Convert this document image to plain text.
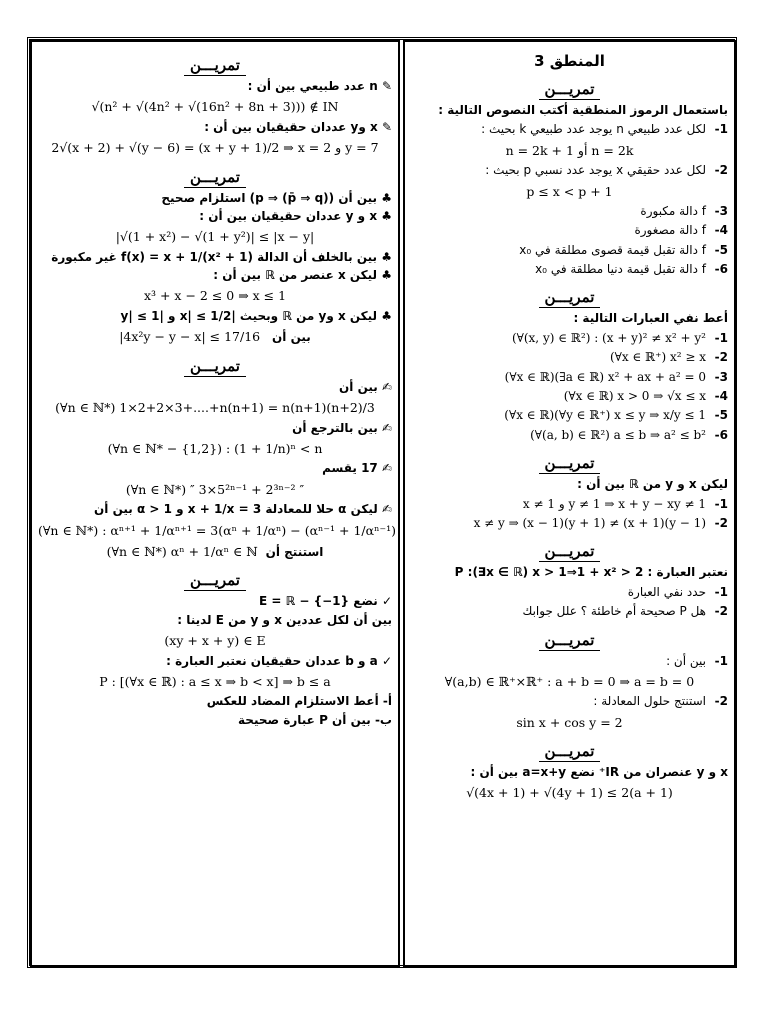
المنطق 3
تمريـــن
باستعمال الرموز المنطقية أكتب النصوص التالية :
1-
لكل عدد طبيعي n يوجد عدد طبيعي k بحيث :
n = 2k + 1 أو n = 2k
2-
لكل عدد حقيقي x يوجد عدد نسبي p بحيث :
p ≤ x < p + 1
3-
f دالة مكبورة
4-
f دالة مصغورة
5-
f دالة تقبل قيمة قصوى مطلقة في x₀
6-
f دالة تقبل قيمة دنيا مطلقة في x₀
تمريـــن
أعط نفي العبارات التالية :
1-
(∀(x, y) ∈ ℝ²) : (x + y)² ≠ x² + y²
2-
(∀x ∈ ℝ⁺) x² ≥ x
3-
(∀x ∈ ℝ)(∃a ∈ ℝ) x² + ax + a² = 0
4-
(∀x ∈ ℝ) x > 0 ⇒ √x ≤ x
5-
(∀x ∈ ℝ)(∀y ∈ ℝ⁺) x ≤ y ⇒ x/y ≤ 1
6-
(∀(a, b) ∈ ℝ²) a ≤ b ⇒ a² ≤ b²
تمريـــن
ليكن x و y من ℝ بين أن :
1-
x ≠ 1 و y ≠ 1 ⇒ x + y − xy ≠ 1
2-
x ≠ y ⇒ (x − 1)(y + 1) ≠ (x + 1)(y − 1)
تمريـــن
نعتبر العبارة : P :(∃x ∈ ℝ) x > 1⇒1 + x² > 2
1-
حدد نفي العبارة
2-
هل P صحيحة أم خاطئة ؟ علل جوابك
تمريـــن
1-
بين أن :
∀(a,b) ∈ ℝ⁺×ℝ⁺ : a + b = 0 ⇒ a = b = 0
2-
استنتج حلول المعادلة :
sin x + cos y = 2
تمريـــن
x و y عنصران من IR⁺ نضع a=x+y بين أن :
√(4x + 1) + √(4y + 1) ≤ 2(a + 1)
تمريـــن
✎ n عدد طبيعي بين أن :
√(n² + √(4n² + √(16n² + 8n + 3))) ∉ IN
✎ x وy عددان حقيقيان بين أن :
2√(x + 2) + √(y − 6) = (x + y + 1)/2 ⇒ x = 2 و y = 7
تمريـــن
♣ بين أن (p ⇒ (p̄ ⇒ q)) استلزام صحيح
♣ x و y عددان حقيقيان بين أن :
|√(1 + x²) − √(1 + y²)| ≤ |x − y|
♣ بين بالخلف أن الدالة f(x) = x + 1/(x² + 1) غير مكبورة
♣ ليكن x عنصر من ℝ بين أن :
x³ + x − 2 ≤ 0 ⇒ x ≤ 1
♣ ليكن x وy من ℝ وبحيث |x| ≤ 1/2 و |y| ≤ 1
|4x²y − y − x| ≤ 17/16 بين أن
تمريـــن
✍ بين أن
(∀n ∈ ℕ*) 1×2+2×3+....+n(n+1) = n(n+1)(n+2)/3
✍ بين بالترجع أن
(∀n ∈ ℕ* − {1,2}) : (1 + 1/n)ⁿ < n
✍ 17 يقسم
(∀n ∈ ℕ*) ″ 3×5²ⁿ⁻¹ + 2³ⁿ⁻² ″
✍ ليكن α حلا للمعادلة x + 1/x = 3 و α > 1 بين أن
(∀n ∈ ℕ*) : αⁿ⁺¹ + 1/αⁿ⁺¹ = 3(αⁿ + 1/αⁿ) − (αⁿ⁻¹ + 1/αⁿ⁻¹)
(∀n ∈ ℕ*) αⁿ + 1/αⁿ ∈ ℕ استنتج أن
تمريـــن
✓ نضع E = ℝ − {−1}
بين أن لكل عددين x و y من E لدينا :
(xy + x + y) ∈ E
✓ a و b عددان حقيقيان نعتبر العبارة :
P : [(∀x ∈ ℝ) : a ≤ x ⇒ b < x] ⇒ b ≤ a
أ- أعط الاستلزام المضاد للعكس
ب- بين أن P عبارة صحيحة
